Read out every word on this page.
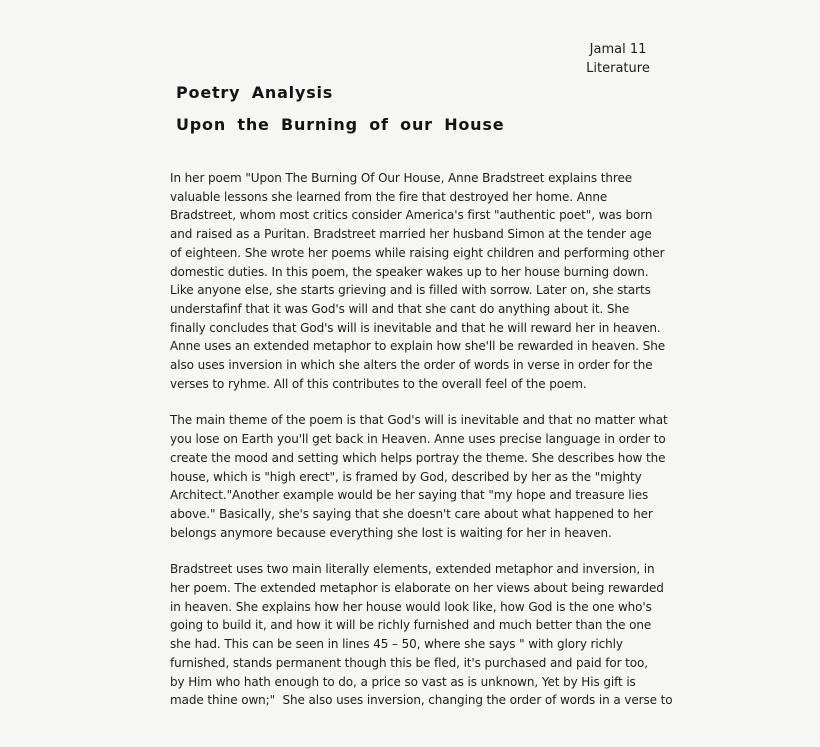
Jamal 11
Literature
Poetry Analysis
Upon the Burning of our House
In her poem "Upon The Burning Of Our House, Anne Bradstreet explains three
valuable lessons she learned from the fire that destroyed her home. Anne
Bradstreet, whom most critics consider America's first "authentic poet", was born
and raised as a Puritan. Bradstreet married her husband Simon at the tender age
of eighteen. She wrote her poems while raising eight children and performing other
domestic duties. In this poem, the speaker wakes up to her house burning down.
Like anyone else, she starts grieving and is filled with sorrow. Later on, she starts
understafinf that it was God's will and that she cant do anything about it. She
finally concludes that God's will is inevitable and that he will reward her in heaven.
Anne uses an extended metaphor to explain how she'll be rewarded in heaven. She
also uses inversion in which she alters the order of words in verse in order for the
verses to ryhme. All of this contributes to the overall feel of the poem.
The main theme of the poem is that God's will is inevitable and that no matter what
you lose on Earth you'll get back in Heaven. Anne uses precise language in order to
create the mood and setting which helps portray the theme. She describes how the
house, which is "high erect", is framed by God, described by her as the "mighty
Architect."Another example would be her saying that "my hope and treasure lies
above." Basically, she's saying that she doesn't care about what happened to her
belongs anymore because everything she lost is waiting for her in heaven.
Bradstreet uses two main literally elements, extended metaphor and inversion, in
her poem. The extended metaphor is elaborate on her views about being rewarded
in heaven. She explains how her house would look like, how God is the one who's
going to build it, and how it will be richly furnished and much better than the one
she had. This can be seen in lines 45 – 50, where she says " with glory richly
furnished, stands permanent though this be fled, it's purchased and paid for too,
by Him who hath enough to do, a price so vast as is unknown, Yet by His gift is
made thine own;"  She also uses inversion, changing the order of words in a verse to
